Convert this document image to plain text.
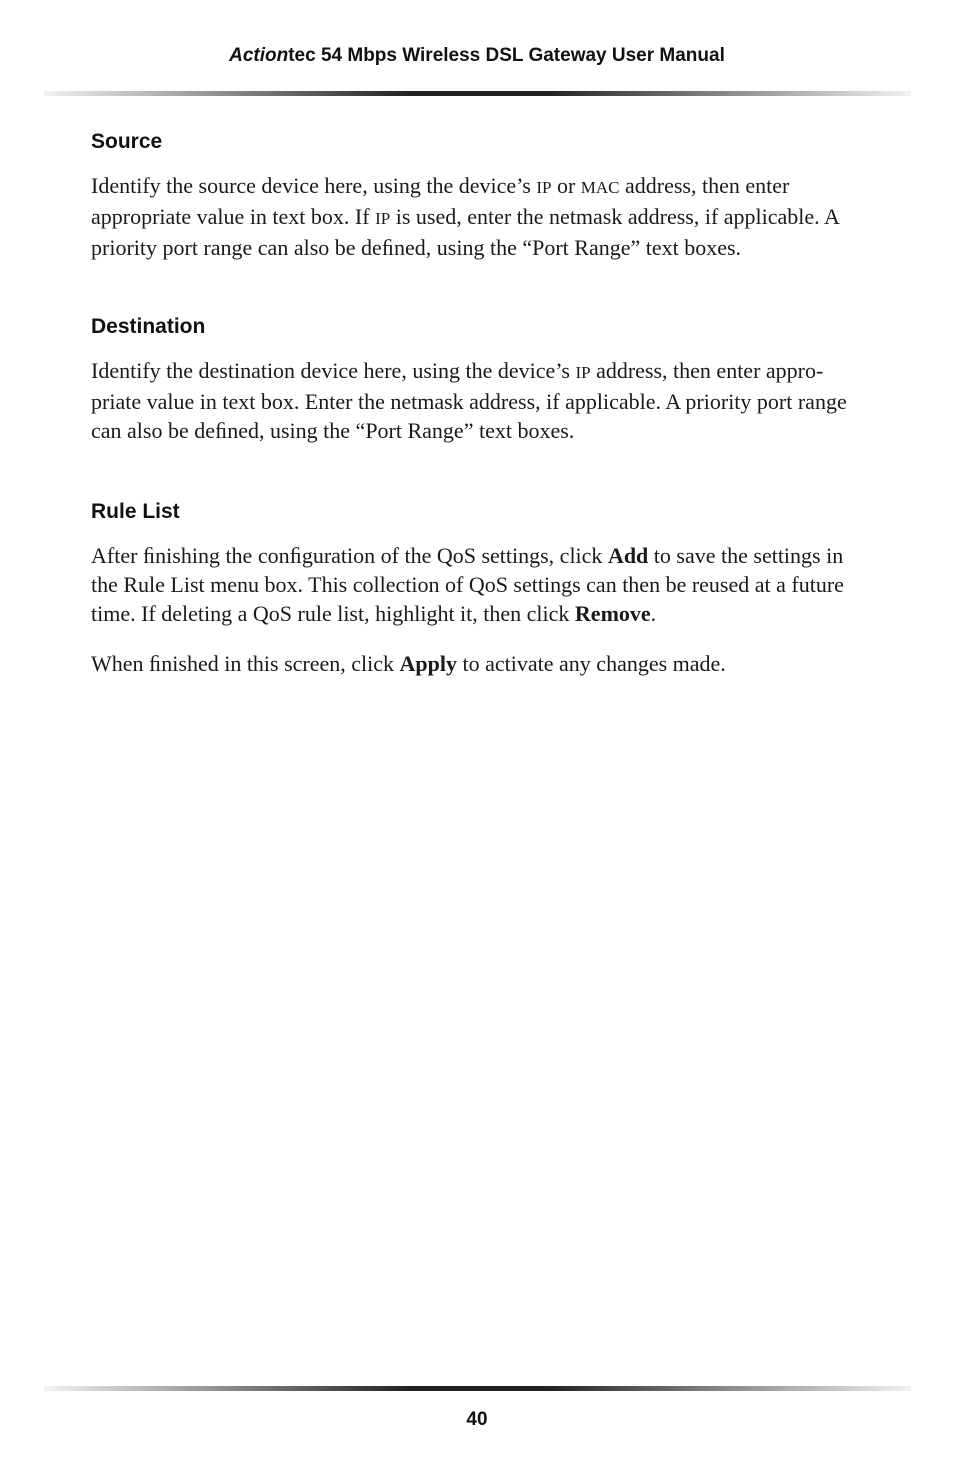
Actiontec 54 Mbps Wireless DSL Gateway User Manual
Source

Identify the source device here, using the device’s IP or MAC address, then enter appropriate value in text box. If IP is used, enter the netmask address, if applicable. A priority port range can also be deﬁned, using the “Port Range” text boxes.

Destination

Identify the destination device here, using the device’s IP address, then enter appro-priate value in text box. Enter the netmask address, if applicable. A priority port range can also be deﬁned, using the “Port Range” text boxes.

Rule List

After ﬁnishing the conﬁguration of the QoS settings, click Add to save the settings in the Rule List menu box. This collection of QoS settings can then be reused at a future time. If deleting a QoS rule list, highlight it, then click Remove.

When ﬁnished in this screen, click Apply to activate any changes made.

40
